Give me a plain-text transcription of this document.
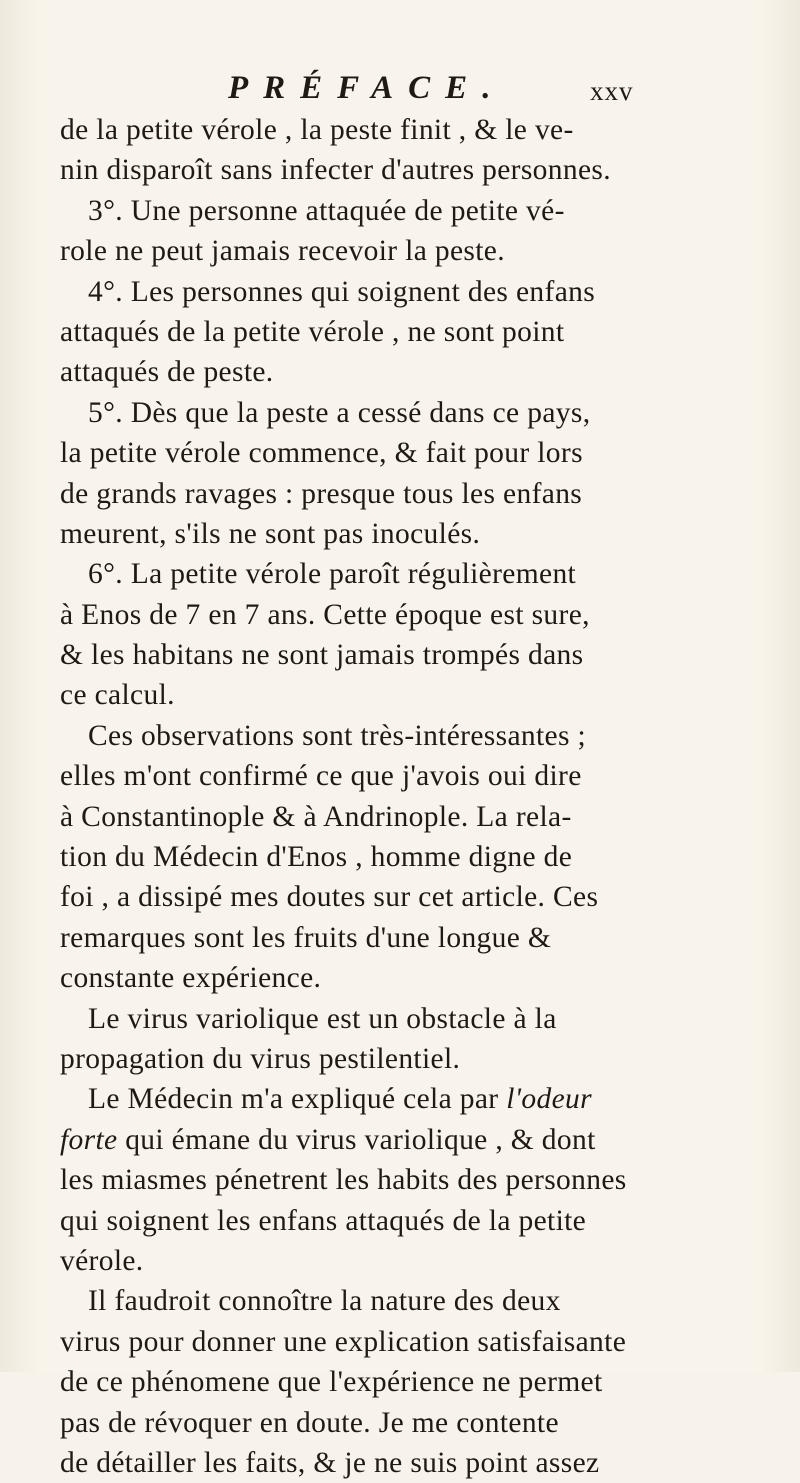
PRÉFACE.	xxv
de la petite vérole , la peste finit , & le ve-
nin disparoît sans infecter d'autres personnes.
3°. Une personne attaquée de petite vé-
role ne peut jamais recevoir la peste.
4°. Les personnes qui soignent des enfans
attaqués de la petite vérole , ne sont point
attaqués de peste.
5°. Dès que la peste a cessé dans ce pays,
la petite vérole commence, & fait pour lors
de grands ravages : presque tous les enfans
meurent, s'ils ne sont pas inoculés.
6°. La petite vérole paroît régulièrement
à Enos de 7 en 7 ans. Cette époque est sure,
& les habitans ne sont jamais trompés dans
ce calcul.
Ces observations sont très-intéressantes ;
elles m'ont confirmé ce que j'avois oui dire
à Constantinople & à Andrinople. La rela-
tion du Médecin d'Enos , homme digne de
foi , a dissipé mes doutes sur cet article. Ces
remarques sont les fruits d'une longue &
constante expérience.
Le virus variolique est un obstacle à la
propagation du virus pestilentiel.
Le Médecin m'a expliqué cela par l'odeur
forte qui émane du virus variolique , & dont
les miasmes pénetrent les habits des personnes
qui soignent les enfans attaqués de la petite
vérole.
Il faudroit connoître la nature des deux
virus pour donner une explication satisfaisante
de ce phénomene que l'expérience ne permet
pas de révoquer en doute. Je me contente
de détailler les faits, & je ne suis point assez
